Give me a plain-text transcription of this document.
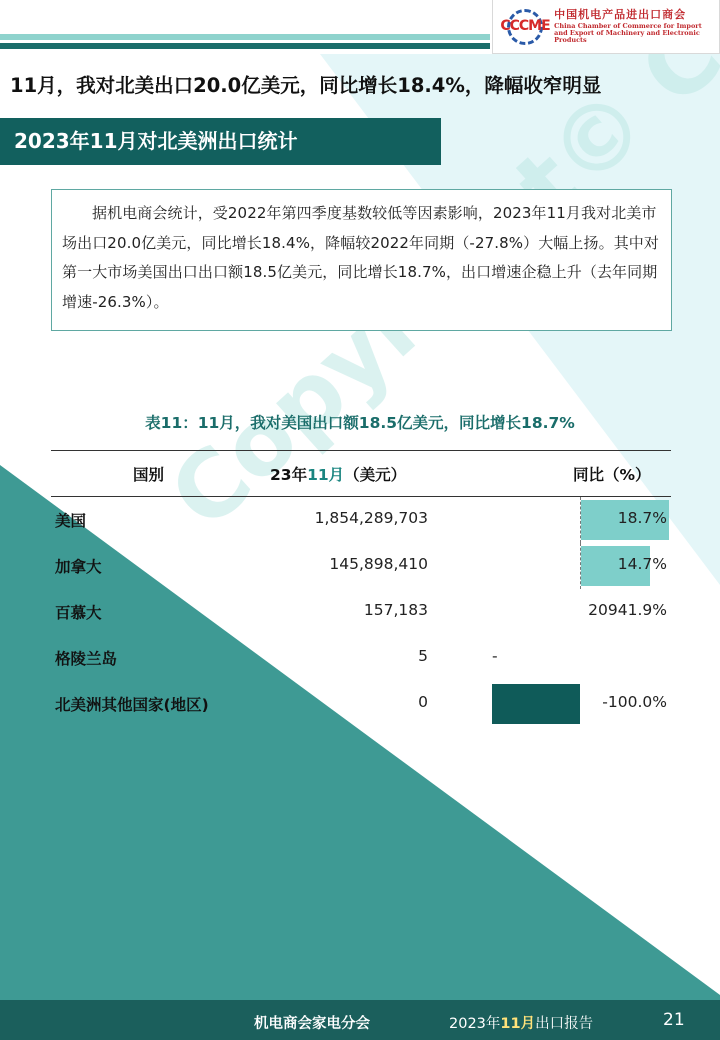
CCCME
中国机电产品进出口商会
China Chamber of Commerce for Import
and Export of Machinery and Electronic Products
11月，我对北美出口20.0亿美元，同比增长18.4%，降幅收窄明显
2023年11月对北美洲出口统计
据机电商会统计，受2022年第四季度基数较低等因素影响，2023年11月我对北美市场出口20.0亿美元，同比增长18.4%，降幅较2022年同期（-27.8%）大幅上扬。其中对第一大市场美国出口出口额18.5亿美元，同比增长18.7%，出口增速企稳上升（去年同期增速-26.3%）。
表11：11月，我对美国出口额18.5亿美元，同比增长18.7%
国别	23年11月（美元）	同比（%）
美国	1,854,289,703	18.7%
加拿大	145,898,410	14.7%
百慕大	157,183	20941.9%
格陵兰岛	5	-
北美洲其他国家(地区)	0	-100.0%
机电商会家电分会	2023年11月出口报告	21
